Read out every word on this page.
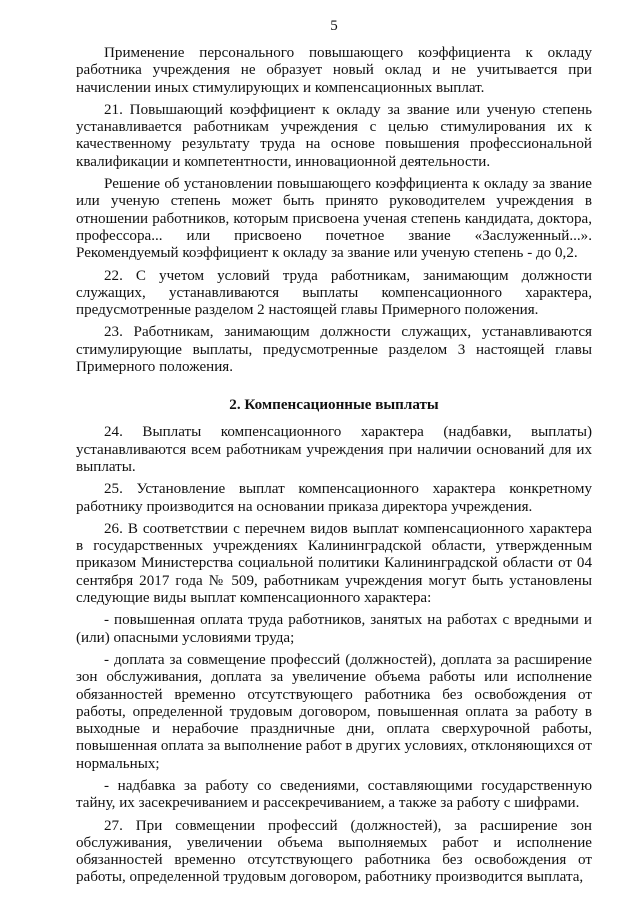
5

Применение персонального повышающего коэффициента к окладу работника учреждения не образует новый оклад и не учитывается при начислении иных стимулирующих и компенсационных выплат.

21. Повышающий коэффициент к окладу за звание или ученую степень устанавливается работникам учреждения с целью стимулирования их к качественному результату труда на основе повышения профессиональной квалификации и компетентности, инновационной деятельности.

Решение об установлении повышающего коэффициента к окладу за звание или ученую степень может быть принято руководителем учреждения в отношении работников, которым присвоена ученая степень кандидата, доктора, профессора... или присвоено почетное звание «Заслуженный...». Рекомендуемый коэффициент к окладу за звание или ученую степень - до 0,2.

22. С учетом условий труда работникам, занимающим должности служащих, устанавливаются выплаты компенсационного характера, предусмотренные разделом 2 настоящей главы Примерного положения.

23. Работникам, занимающим должности служащих, устанавливаются стимулирующие выплаты, предусмотренные разделом 3 настоящей главы Примерного положения.

2. Компенсационные выплаты

24. Выплаты компенсационного характера (надбавки, выплаты) устанавливаются всем работникам учреждения при наличии оснований для их выплаты.

25. Установление выплат компенсационного характера конкретному работнику производится на основании приказа директора учреждения.

26. В соответствии с перечнем видов выплат компенсационного характера в государственных учреждениях Калининградской области, утвержденным приказом Министерства социальной политики Калининградской области от 04 сентября 2017 года № 509, работникам учреждения могут быть установлены следующие виды выплат компенсационного характера:

- повышенная оплата труда работников, занятых на работах с вредными и (или) опасными условиями труда;

- доплата за совмещение профессий (должностей), доплата за расширение зон обслуживания, доплата за увеличение объема работы или исполнение обязанностей временно отсутствующего работника без освобождения от работы, определенной трудовым договором, повышенная оплата за работу в выходные и нерабочие праздничные дни, оплата сверхурочной работы, повышенная оплата за выполнение работ в других условиях, отклоняющихся от нормальных;

- надбавка за работу со сведениями, составляющими государственную тайну, их засекречиванием и рассекречиванием, а также за работу с шифрами.

27. При совмещении профессий (должностей), за расширение зон обслуживания, увеличении объема выполняемых работ и исполнение обязанностей временно отсутствующего работника без освобождения от работы, определенной трудовым договором, работнику производится выплата,
